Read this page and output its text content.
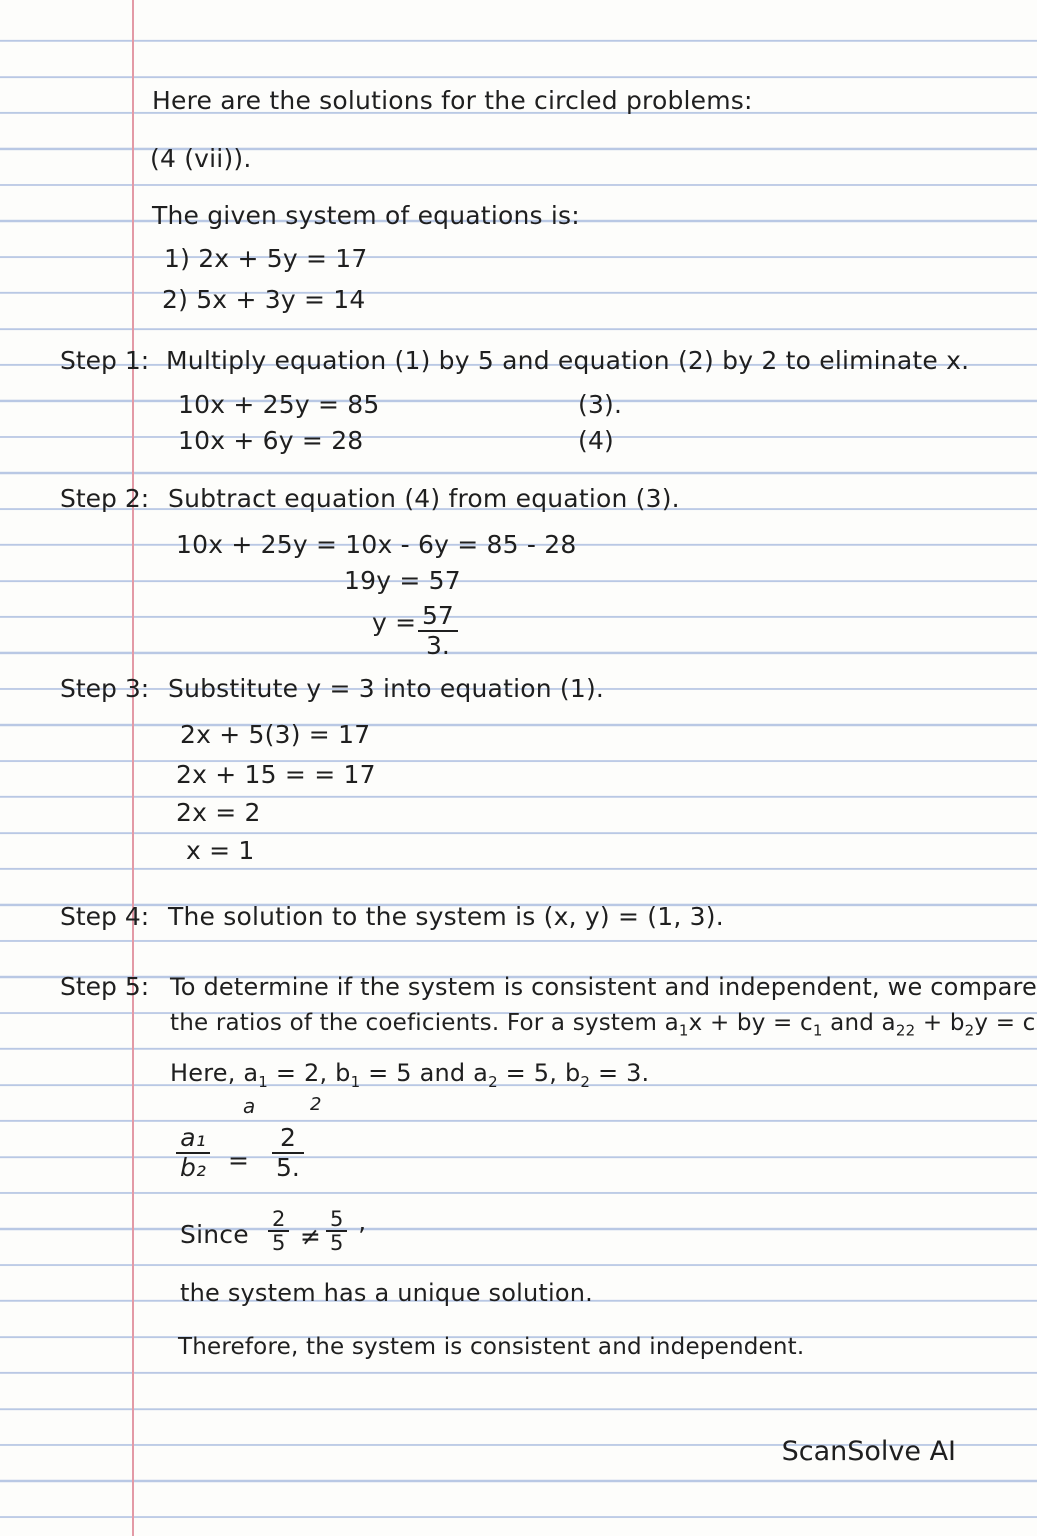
Here are the solutions for the circled problems:
(4 (vii)).
The given system of equations is:
1) 2x + 5y = 17
2) 5x + 3y = 14
Step 1: Multiply equation (1) by 5 and equation (2) by 2 to eliminate x.
10x + 25y = 85	(3).
10x + 6y = 28	(4)
Step 2: Subtract equation (4) from equation (3).
10x + 25y = 10x - 6y = 85 - 28
19y = 57
$y = \frac{57}{3.}$
Step 3: Substitute y = 3 into equation (1).
2x + 5(3) = 17
2x + 15 = = 17
2x = 2
x = 1
Step 4: The solution to the system is (x, y) = (1, 3).
Step 5: To determine if the system is consistent and independent, we compare
the ratios of the coeficients. For a system $a_1x$ + by = $c_1$ and $a_{22} + b_2y = c$
Here, $a_1 = 2$, $b_1 = 5$ and $a_2 = 5$, $b_2 = 3$.
a	2
$\frac{\text{a₁}}{\text{b₂}} = \frac{2}{5.}$
Since $\frac{2}{5} \ne \frac{5}{5}$ ’
the system has a unique solution.
Therefore, the system is consistent and independent.
ScanSolve AI
